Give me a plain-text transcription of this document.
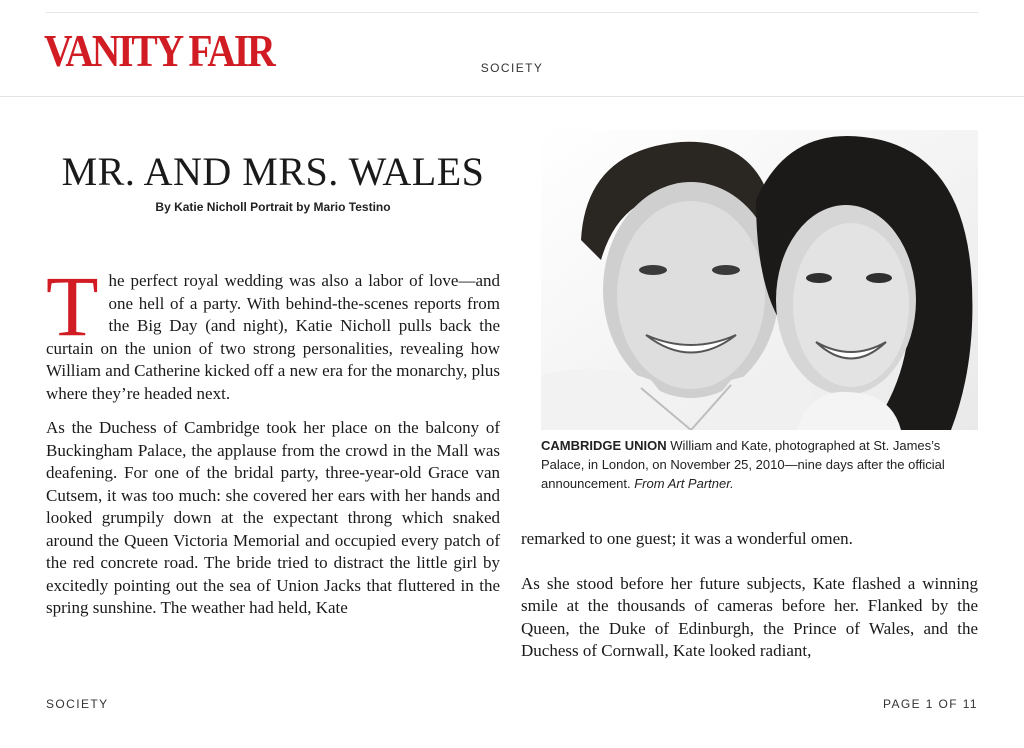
VANITY FAIR	SOCIETY
MR. AND MRS. WALES
By Katie Nicholl Portrait by Mario Testino

The perfect royal wedding was also a labor of love—and one hell of a party. With behind-the-scenes reports from the Big Day (and night), Katie Nicholl pulls back the curtain on the union of two strong personalities, revealing how William and Catherine kicked off a new era for the monarchy, plus where they’re headed next.

As the Duchess of Cambridge took her place on the balcony of Buckingham Palace, the applause from the crowd in the Mall was deafening. For one of the bridal party, three-year-old Grace van Cutsem, it was too much: she covered her ears with her hands and looked grumpily down at the expectant throng which snaked around the Queen Victoria Memorial and occupied every patch of the red concrete road. The bride tried to distract the little girl by excitedly pointing out the sea of Union Jacks that fluttered in the spring sunshine. The weather had held, Kate

CAMBRIDGE UNION William and Kate, photographed at St. James’s Palace, in London, on November 25, 2010—nine days after the official announcement. From Art Partner.

remarked to one guest; it was a wonderful omen.

As she stood before her future subjects, Kate flashed a winning smile at the thousands of cameras before her. Flanked by the Queen, the Duke of Edinburgh, the Prince of Wales, and the Duchess of Cornwall, Kate looked radiant,

SOCIETY	PAGE 1 OF 11
